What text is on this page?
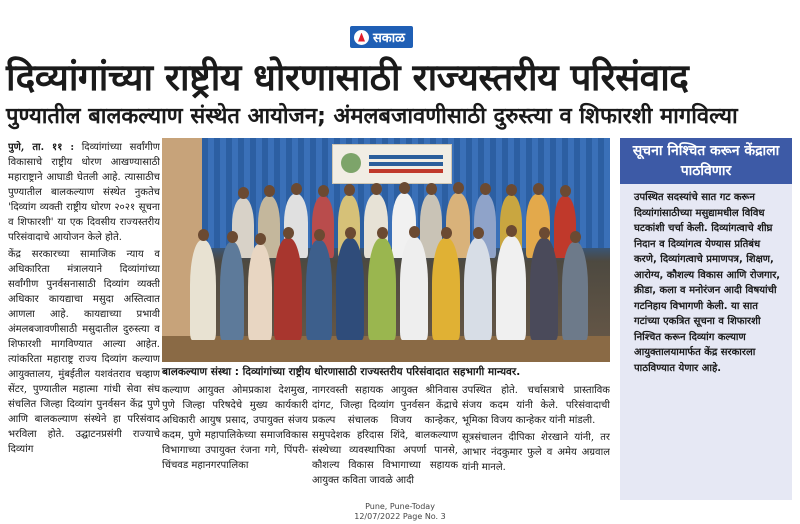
सकाळ
दिव्यांगांच्या राष्ट्रीय धोरणासाठी राज्यस्तरीय परिसंवाद
पुण्यातील बालकल्याण संस्थेत आयोजन; अंमलबजावणीसाठी दुरुस्त्या व शिफारशी मागविल्या

पुणे, ता. ११ : दिव्यांगांच्या सर्वांगीण विकासाचे राष्ट्रीय धोरण आखण्यासाठी महाराष्ट्राने आघाडी घेतली आहे. त्यासाठीच पुण्यातील बालकल्याण संस्थेत नुकतेच 'दिव्यांग व्यक्ती राष्ट्रीय धोरण २०२१ सूचना व शिफारशी' या एक दिवसीय राज्यस्तरीय परिसंवादाचे आयोजन केले होते.

केंद्र सरकारच्या सामाजिक न्याय व अधिकारिता मंत्रालयाने दिव्यांगांच्या सर्वांगीण पुनर्वसनासाठी दिव्यांग व्यक्ती अधिकार कायद्याचा मसुदा अस्तित्वात आणला आहे. कायद्याच्या प्रभावी अंमलबजावणीसाठी मसुदातील दुरुस्त्या व शिफारशी मागविण्यात आल्या आहेत. त्यांकरिता महाराष्ट्र राज्य दिव्यांग कल्याण आयुक्तालय, मुंबईतील यशवंतराव चव्हाण सेंटर, पुण्यातील महात्मा गांधी सेवा संघ संचलित जिल्हा दिव्यांग पुनर्वसन केंद्र पुणे आणि बालकल्याण संस्थेने हा परिसंवाद भरविला होते. उद्घाटनप्रसंगी राज्याचे दिव्यांग

बालकल्याण संस्था : दिव्यांगांच्या राष्ट्रीय धोरणासाठी राज्यस्तरीय परिसंवादात सहभागी मान्यवर.

कल्याण आयुक्त ओमप्रकाश देशमुख, पुणे जिल्हा परिषदेचे मुख्य कार्यकारी अधिकारी आयुष प्रसाद, उपायुक्त संजय कदम, पुणे महापालिकेच्या समाजविकास विभागाच्या उपायुक्त रंजना गगे, पिंपरी-चिंचवड महानगरपालिका

नागरवस्ती सहायक आयुक्त श्रीनिवास दांगट, जिल्हा दिव्यांग पुनर्वसन केंद्राचे प्रकल्प संचालक विजय कान्हेकर, समुपदेशक हरिदास शिंदे, बालकल्याण संस्थेच्या व्यवस्थापिका अपर्णा पानसे, कौशल्य विकास विभागाच्या सहायक आयुक्त कविता जावळे आदी

उपस्थित होते. चर्चासत्राचे प्रास्ताविक संजय कदम यांनी केले. परिसंवादाची भूमिका विजय कान्हेकर यांनी मांडली.

सूत्रसंचालन दीपिका शेरखाने यांनी, तर आभार नंदकुमार फुले व अमेय अग्रवाल यांनी मानले.

सूचना निश्चित करून केंद्राला पाठविणार
उपस्थित सदस्यांचे सात गट करून दिव्यांगांसाठीच्या मसुद्यामधील विविध घटकांशी चर्चा केली. दिव्यांगत्वाचे शीघ्र निदान व दिव्यांगत्व येण्यास प्रतिबंध करणे, दिव्यांगत्वाचे प्रमाणपत्र, शिक्षण, आरोग्य, कौशल्य विकास आणि रोजगार, क्रीडा, कला व मनोरंजन आदी विषयांची गटनिहाय विभागणी केली. या सात गटांच्या एकत्रित सूचना व शिफारशी निश्चित करून दिव्यांग कल्याण आयुक्तालयामार्फत केंद्र सरकारला पाठविण्यात येणार आहे.
Pune, Pune-Today
12/07/2022 Page No. 3
